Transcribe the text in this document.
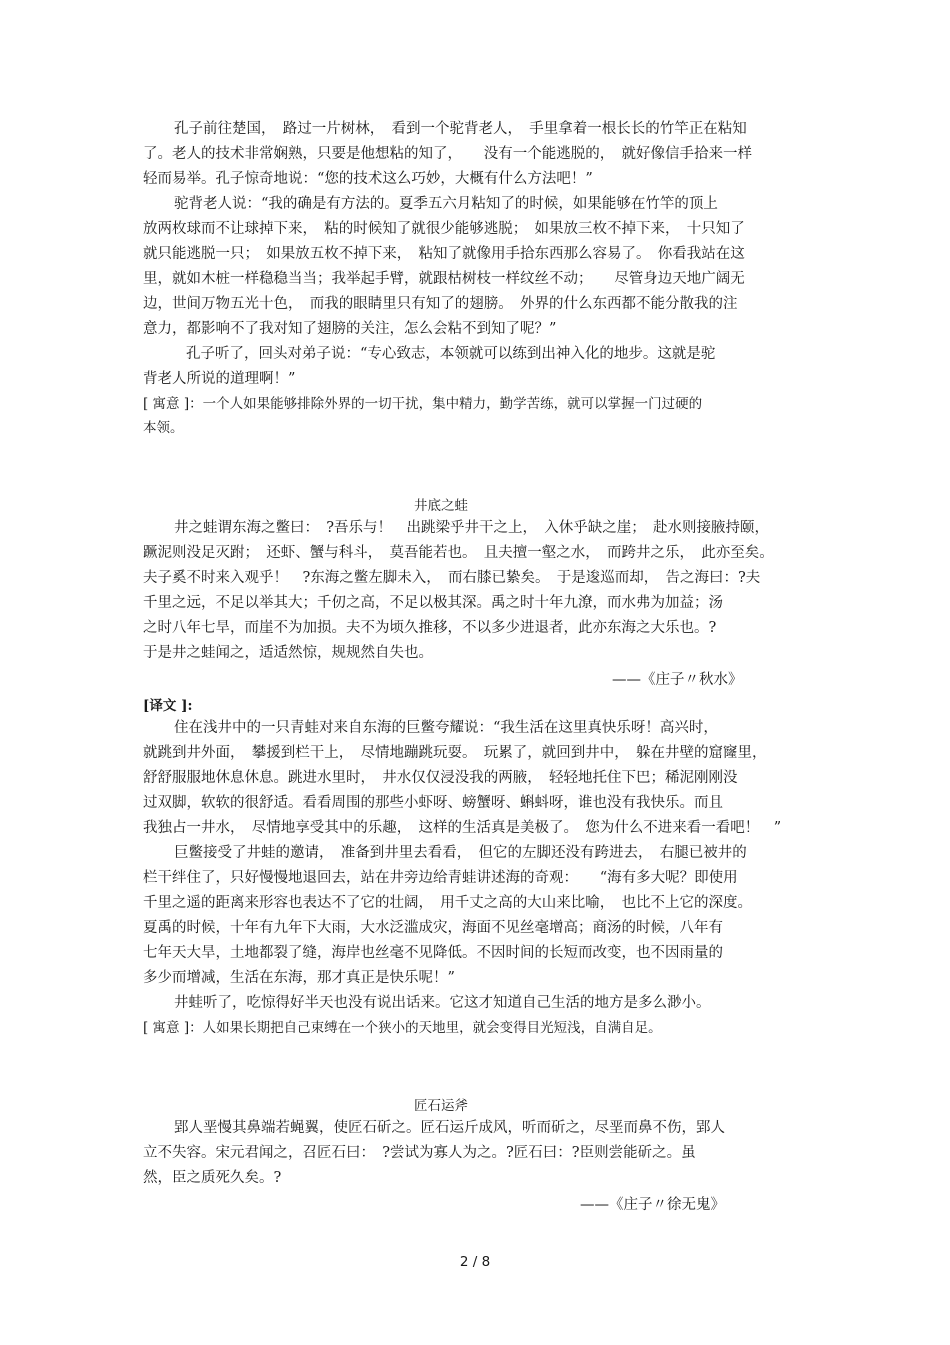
孔子前往楚国，　路过一片树林，　看到一个驼背老人，　手里拿着一根长长的竹竿正在粘知
了。老人的技术非常娴熟，只要是他想粘的知了，　　没有一个能逃脱的，　就好像信手拾来一样
轻而易举。孔子惊奇地说：“您的技术这么巧妙，大概有什么方法吧！”
驼背老人说：“我的确是有方法的。夏季五六月粘知了的时候，如果能够在竹竿的顶上
放两枚球而不让球掉下来，　粘的时候知了就很少能够逃脱；　如果放三枚不掉下来，　十只知了
就只能逃脱一只；　如果放五枚不掉下来，　粘知了就像用手拾东西那么容易了。　你看我站在这
里，就如木桩一样稳稳当当；我举起手臂，就跟枯树枝一样纹丝不动；　　尽管身边天地广阔无
边，世间万物五光十色，　而我的眼睛里只有知了的翅膀。　外界的什么东西都不能分散我的注
意力，都影响不了我对知了翅膀的关注，怎么会粘不到知了呢？”
孔子听了，回头对弟子说：“专心致志，本领就可以练到出神入化的地步。这就是驼
背老人所说的道理啊！”
[ 寓意 ]：一个人如果能够排除外界的一切干扰，集中精力，勤学苦练，就可以掌握一门过硬的
本领。
井底之蛙
井之蛙谓东海之鳖曰：　?吾乐与！　出跳梁乎井干之上，　入休乎缺之崖；　赴水则接腋持颐，
蹶泥则没足灭跗；　还虾、蟹与科斗，　莫吾能若也。　且夫擅一壑之水，　而跨井之乐，　此亦至矣。
夫子奚不时来入观乎！　?东海之鳖左脚未入，　而右膝已絷矣。　于是逡巡而却，　告之海曰：?夫
千里之远，不足以举其大；千仞之高，不足以极其深。禹之时十年九潦，而水弗为加益；汤
之时八年七旱，而崖不为加损。夫不为顷久推移，不以多少进退者，此亦东海之大乐也。?
于是井之蛙闻之，适适然惊，规规然自失也。
——《庄子〃秋水》
[译文 ]:
住在浅井中的一只青蛙对来自东海的巨鳖夸耀说：“我生活在这里真快乐呀！高兴时，
就跳到井外面，　攀援到栏干上，　尽情地蹦跳玩耍。　玩累了，就回到井中，　躲在井壁的窟窿里，
舒舒服服地休息休息。跳进水里时，　井水仅仅浸没我的两腋，　轻轻地托住下巴；稀泥刚刚没
过双脚，软软的很舒适。看看周围的那些小虾呀、螃蟹呀、蝌蚪呀，谁也没有我快乐。而且
我独占一井水，　尽情地享受其中的乐趣，　这样的生活真是美极了。　您为什么不进来看一看吧！　”
巨鳖接受了井蛙的邀请，　准备到井里去看看，　但它的左脚还没有跨进去，　右腿已被井的
栏干绊住了，只好慢慢地退回去，站在井旁边给青蛙讲述海的奇观：　　“海有多大呢？即使用
千里之遥的距离来形容也表达不了它的壮阔，　用千丈之高的大山来比喻，　也比不上它的深度。
夏禹的时候，十年有九年下大雨，大水泛滥成灾，海面不见丝毫增高；商汤的时候，八年有
七年天大旱，土地都裂了缝，海岸也丝毫不见降低。不因时间的长短而改变，也不因雨量的
多少而增减，生活在东海，那才真正是快乐呢！”
井蛙听了，吃惊得好半天也没有说出话来。它这才知道自己生活的地方是多么渺小。
[ 寓意 ]：人如果长期把自己束缚在一个狭小的天地里，就会变得目光短浅，自满自足。
匠石运斧
郢人垩慢其鼻端若蝇翼，使匠石斫之。匠石运斤成风，听而斫之，尽垩而鼻不伤，郢人
立不失容。宋元君闻之，召匠石曰：　?尝试为寡人为之。?匠石曰：?臣则尝能斫之。虽
然，臣之质死久矣。?
——《庄子〃徐无鬼》
2 / 8
